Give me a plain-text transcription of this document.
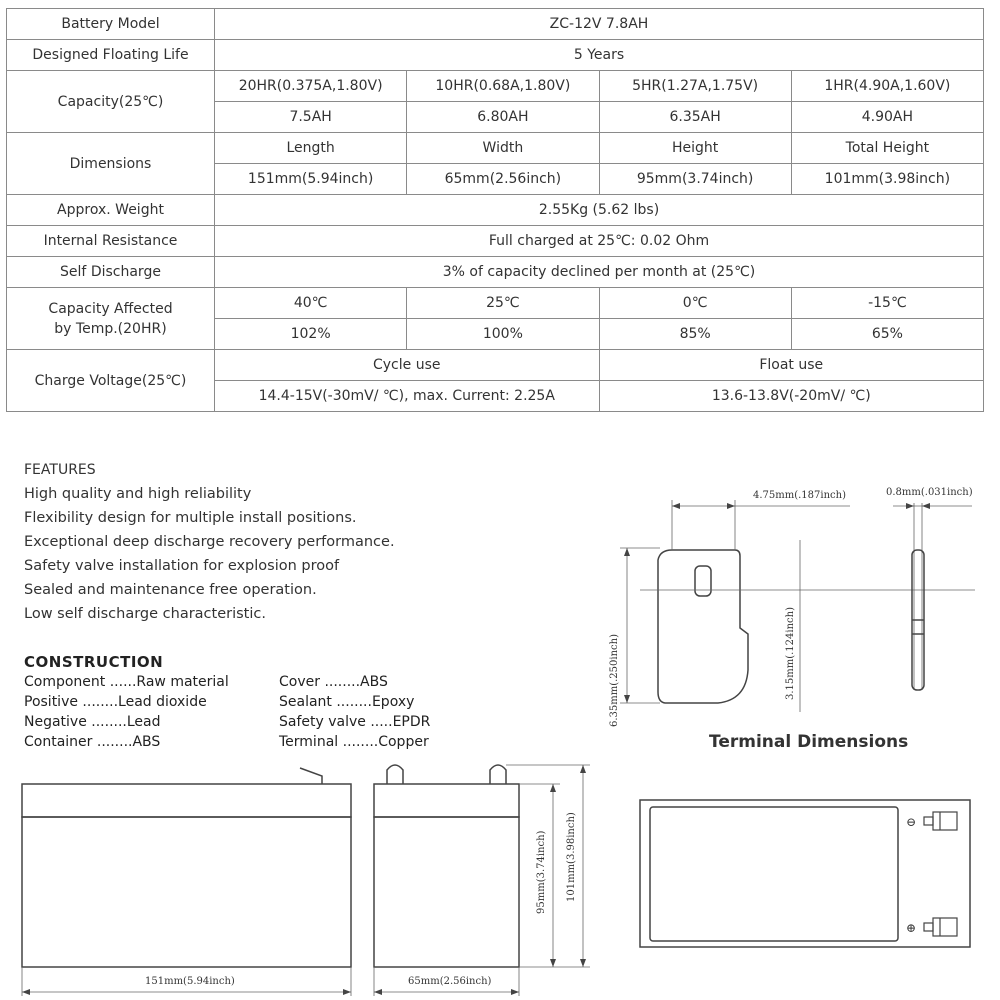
Battery Model	ZC-12V 7.8AH			
Designed Floating Life	5 Years			
Capacity(25℃)	20HR(0.375A,1.80V)	10HR(0.68A,1.80V)	5HR(1.27A,1.75V)	1HR(4.90A,1.60V)
	7.5AH	6.80AH	6.35AH	4.90AH
Dimensions	Length	Width	Height	Total Height
	151mm(5.94inch)	65mm(2.56inch)	95mm(3.74inch)	101mm(3.98inch)
Approx. Weight	2.55Kg (5.62 lbs)			
Internal Resistance	Full charged at 25℃: 0.02 Ohm			
Self Discharge	3% of capacity declined per month at (25℃)			
Capacity Affected
by Temp.(20HR)	40℃	25℃	0℃	-15℃
	102%	100%	85%	65%
Charge Voltage(25℃)	Cycle use		Float use	
	14.4-15V(-30mV/ ℃), max. Current: 2.25A		13.6-13.8V(-20mV/ ℃)	
FEATURES
High quality and high reliability
Flexibility design for multiple install positions.
Exceptional deep discharge recovery performance.
Safety valve installation for explosion proof
Sealed and maintenance free operation.
Low self discharge characteristic.
CONSTRUCTION
Component ......Raw material
Positive ........Lead dioxide
Negative ........Lead
Container ........ABS
Cover ........ABS
Sealant ........Epoxy
Safety valve .....EPDR
Terminal ........Copper	Terminal Dimensions
4.75mm(.187inch)	0.8mm(.031inch)
6.35mm(.250inch)	3.15mm(.124inch)
151mm(5.94inch)	65mm(2.56inch)
95mm(3.74inch) 101mm(3.98inch)	⊖
⊕
